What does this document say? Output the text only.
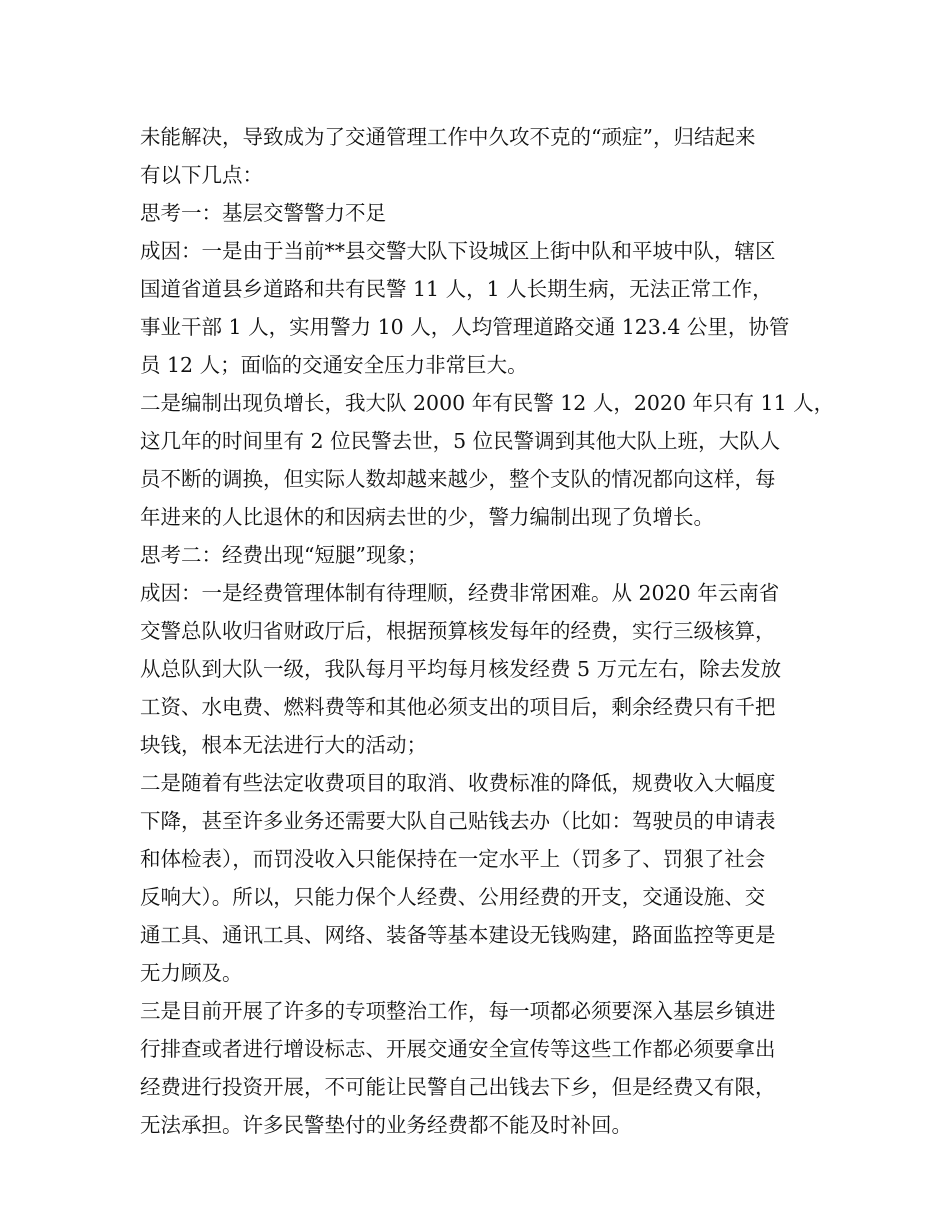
未能解决，导致成为了交通管理工作中久攻不克的“顽症”，归结起来
有以下几点：
思考一：基层交警警力不足
成因：一是由于当前**县交警大队下设城区上街中队和平坡中队，辖区
国道省道县乡道路和共有民警 11 人，1 人长期生病，无法正常工作，
事业干部 1 人，实用警力 10 人，人均管理道路交通 123.4 公里，协管
员 12 人；面临的交通安全压力非常巨大。
二是编制出现负增长，我大队 2000 年有民警 12 人，2020 年只有 11 人，
这几年的时间里有 2 位民警去世，5 位民警调到其他大队上班，大队人
员不断的调换，但实际人数却越来越少，整个支队的情况都向这样，每
年进来的人比退休的和因病去世的少，警力编制出现了负增长。
思考二：经费出现“短腿”现象；
成因：一是经费管理体制有待理顺，经费非常困难。从 2020 年云南省
交警总队收归省财政厅后，根据预算核发每年的经费，实行三级核算，
从总队到大队一级，我队每月平均每月核发经费 5 万元左右，除去发放
工资、水电费、燃料费等和其他必须支出的项目后，剩余经费只有千把
块钱，根本无法进行大的活动；
二是随着有些法定收费项目的取消、收费标准的降低，规费收入大幅度
下降，甚至许多业务还需要大队自己贴钱去办（比如：驾驶员的申请表
和体检表），而罚没收入只能保持在一定水平上（罚多了、罚狠了社会
反响大）。所以，只能力保个人经费、公用经费的开支，交通设施、交
通工具、通讯工具、网络、装备等基本建设无钱购建，路面监控等更是
无力顾及。
三是目前开展了许多的专项整治工作，每一项都必须要深入基层乡镇进
行排查或者进行增设标志、开展交通安全宣传等这些工作都必须要拿出
经费进行投资开展，不可能让民警自己出钱去下乡，但是经费又有限，
无法承担。许多民警垫付的业务经费都不能及时补回。
